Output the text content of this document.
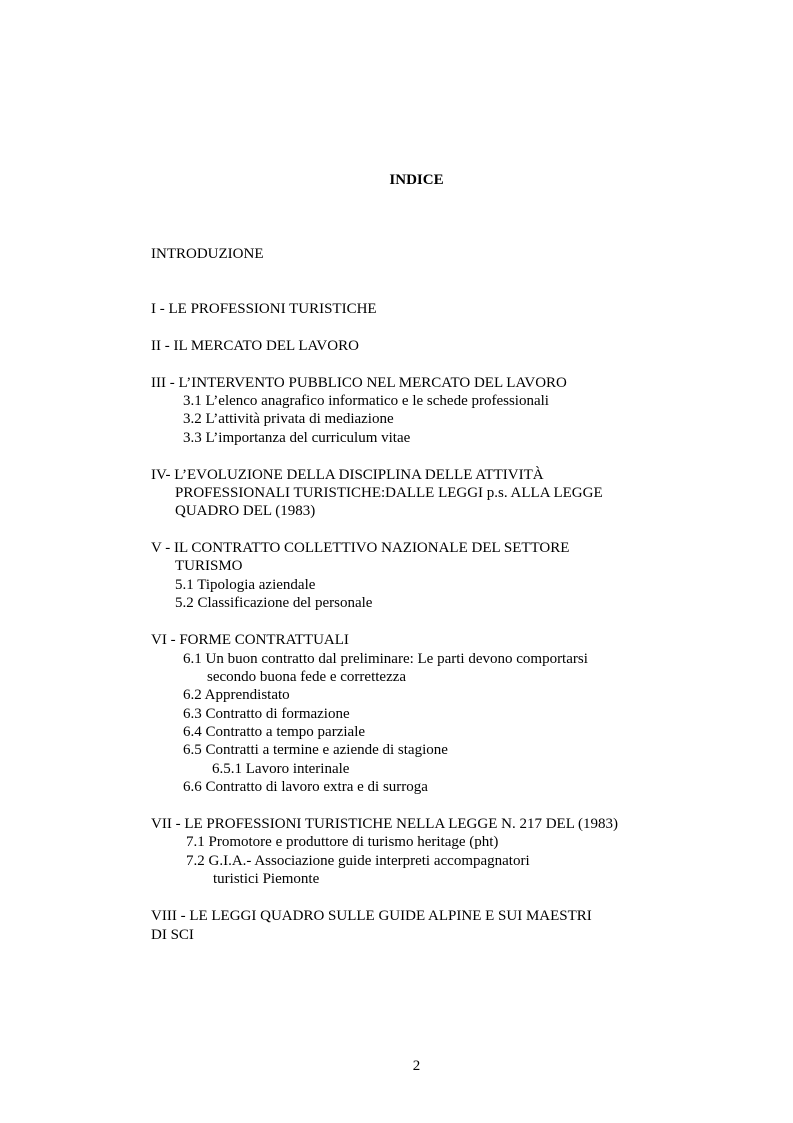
INDICE
INTRODUZIONE
I - LE PROFESSIONI TURISTICHE
II - IL MERCATO DEL LAVORO
III - L’INTERVENTO PUBBLICO NEL MERCATO DEL LAVORO
3.1 L’elenco anagrafico informatico e le schede professionali
3.2 L’attività privata di mediazione
3.3 L’importanza del curriculum vitae
IV- L’EVOLUZIONE DELLA DISCIPLINA DELLE ATTIVITÀ
PROFESSIONALI TURISTICHE:DALLE LEGGI p.s. ALLA LEGGE
QUADRO DEL (1983)
V - IL CONTRATTO COLLETTIVO NAZIONALE DEL SETTORE
TURISMO
5.1 Tipologia aziendale
5.2 Classificazione del personale
VI - FORME CONTRATTUALI
6.1 Un buon contratto dal preliminare: Le parti devono comportarsi
secondo buona fede e correttezza
6.2 Apprendistato
6.3 Contratto di formazione
6.4 Contratto a tempo parziale
6.5 Contratti a termine e aziende di stagione
6.5.1 Lavoro interinale
6.6 Contratto di lavoro extra e di surroga
VII - LE PROFESSIONI TURISTICHE NELLA LEGGE N. 217 DEL (1983)
7.1 Promotore e produttore di turismo heritage (pht)
7.2 G.I.A.- Associazione guide interpreti accompagnatori
turistici Piemonte
VIII - LE LEGGI QUADRO SULLE GUIDE ALPINE E SUI MAESTRI
DI SCI
2
